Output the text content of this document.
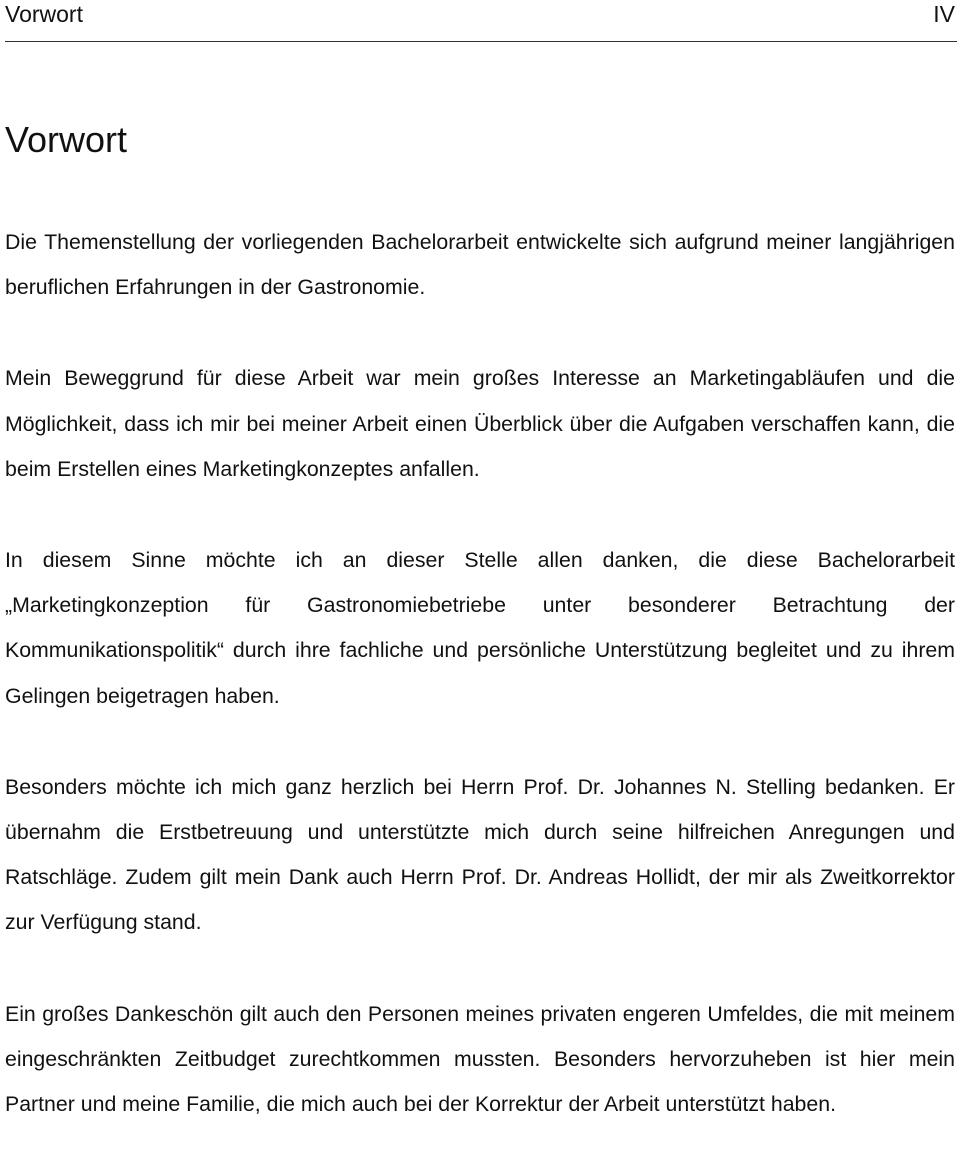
Vorwort	IV
Vorwort

Die Themenstellung der vorliegenden Bachelorarbeit entwickelte sich aufgrund meiner langjährigen beruflichen Erfahrungen in der Gastronomie.

Mein Beweggrund für diese Arbeit war mein großes Interesse an Marketingabläufen und die Möglichkeit, dass ich mir bei meiner Arbeit einen Überblick über die Aufgaben verschaffen kann, die beim Erstellen eines Marketingkonzeptes anfallen.

In diesem Sinne möchte ich an dieser Stelle allen danken, die diese Bachelorarbeit „Marketingkonzeption für Gastronomiebetriebe unter besonderer Betrachtung der Kommunikationspolitik“ durch ihre fachliche und persönliche Unterstützung begleitet und zu ihrem Gelingen beigetragen haben.

Besonders möchte ich mich ganz herzlich bei Herrn Prof. Dr. Johannes N. Stelling bedanken. Er übernahm die Erstbetreuung und unterstützte mich durch seine hilfreichen Anregungen und Ratschläge. Zudem gilt mein Dank auch Herrn Prof. Dr. Andreas Hollidt, der mir als Zweitkorrektor zur Verfügung stand.

Ein großes Dankeschön gilt auch den Personen meines privaten engeren Umfeldes, die mit meinem eingeschränkten Zeitbudget zurechtkommen mussten. Besonders hervorzuheben ist hier mein Partner und meine Familie, die mich auch bei der Korrektur der Arbeit unterstützt haben.
